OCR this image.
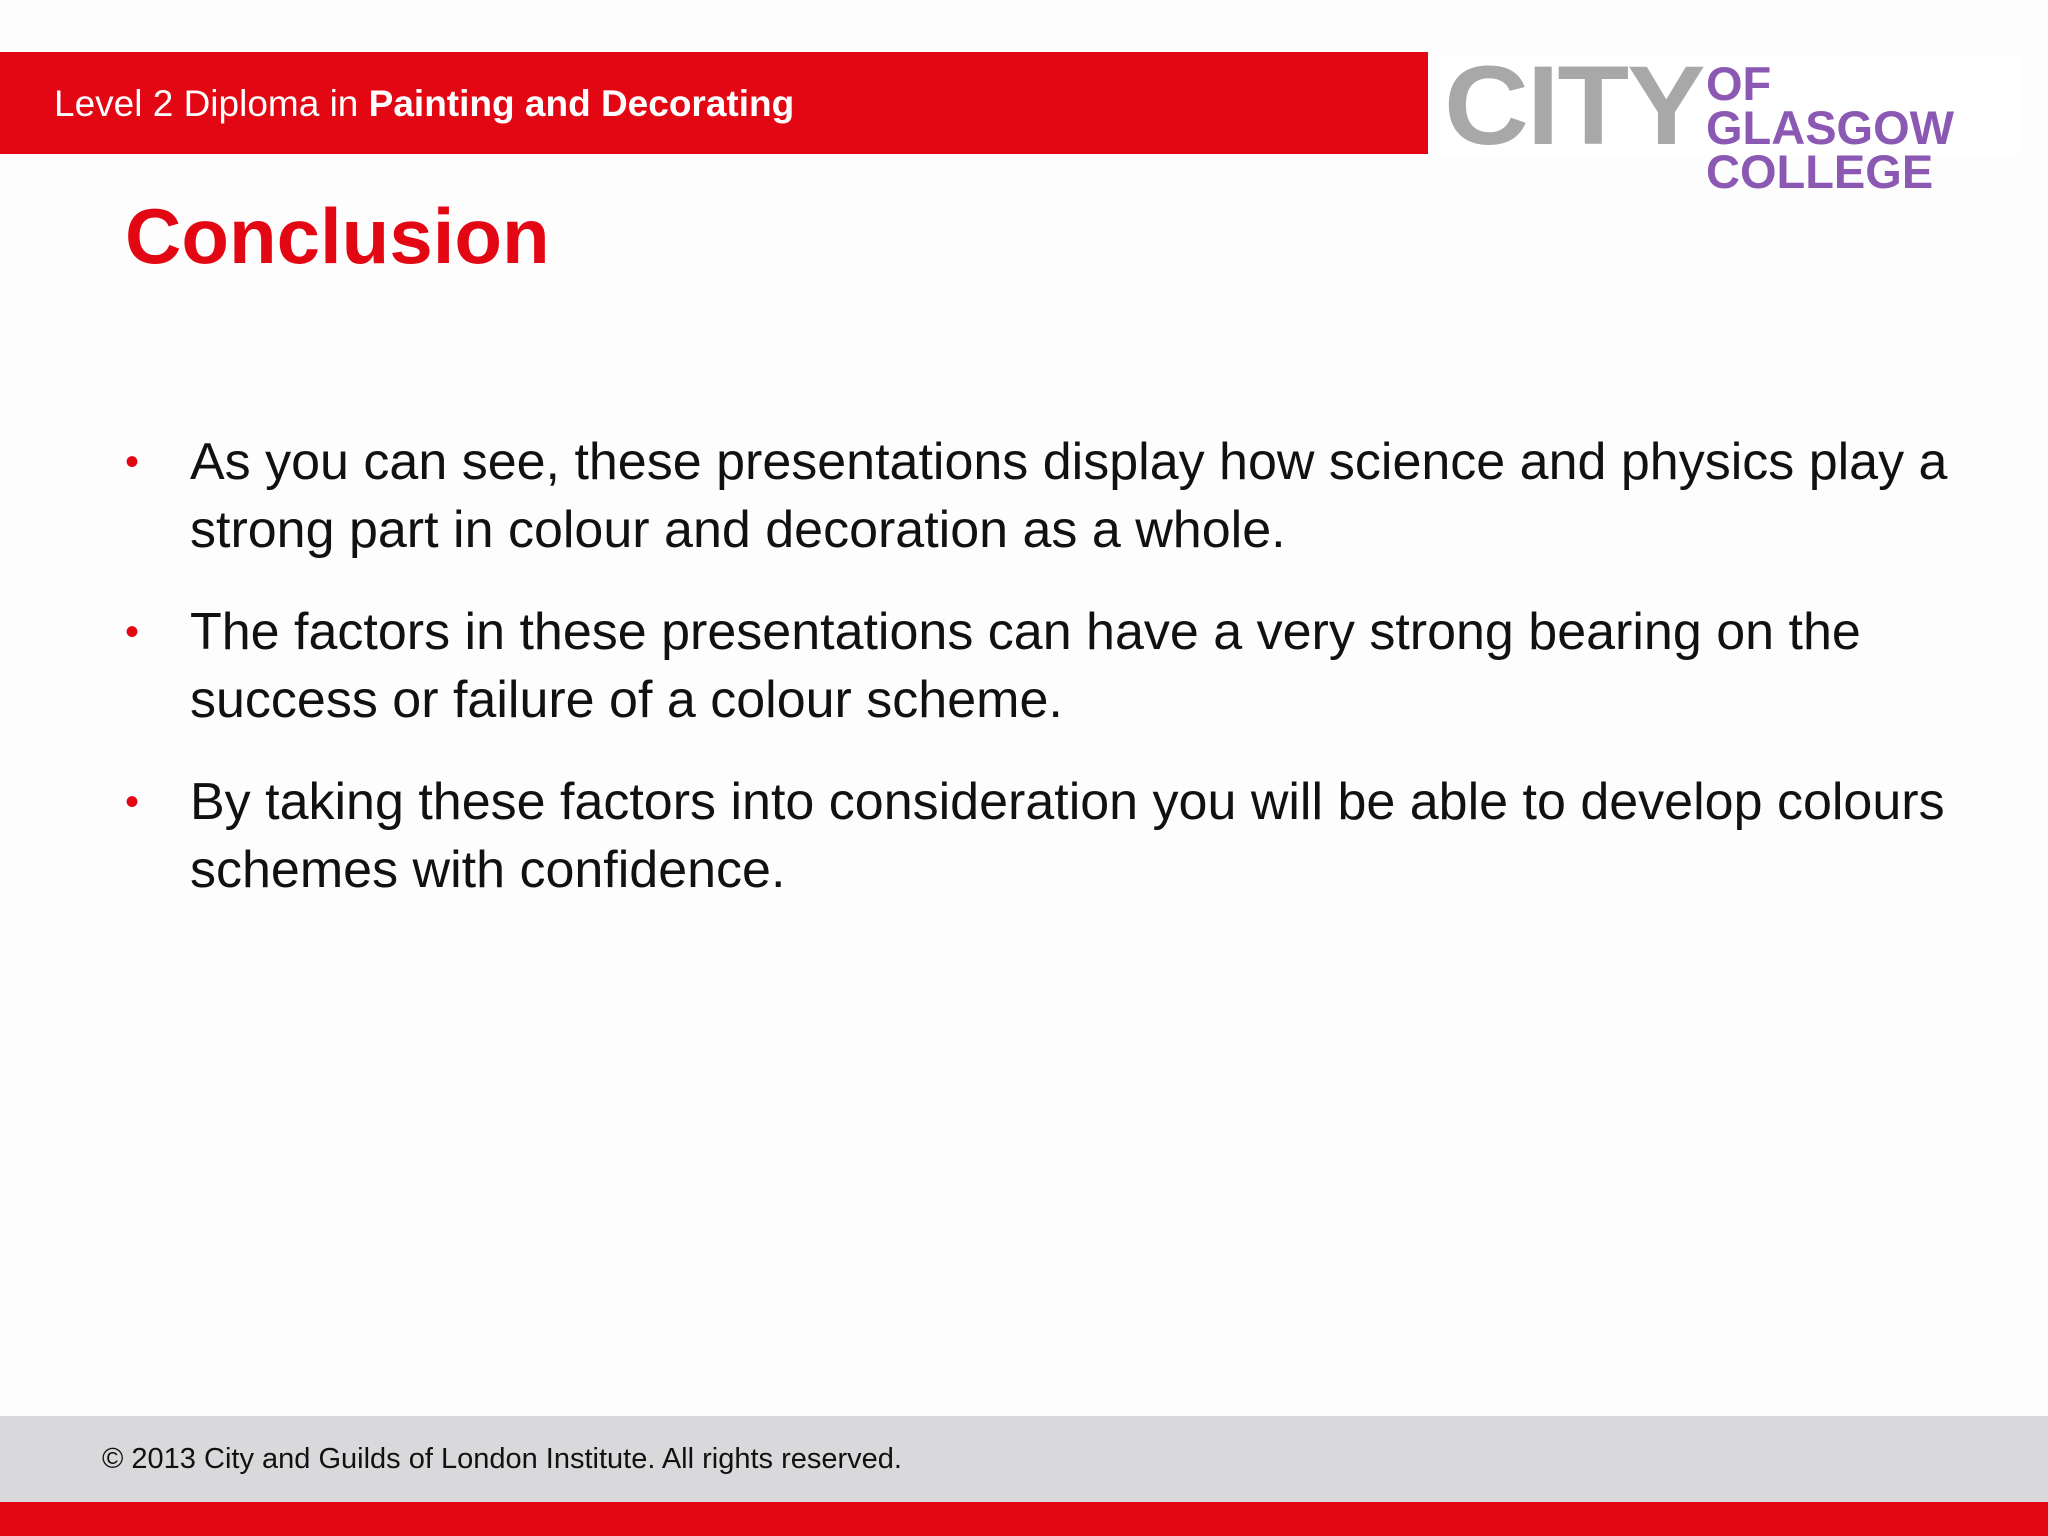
Level 2 Diploma in Painting and Decorating	CITY OF GLASGOW
COLLEGE
Conclusion
• As you can see, these presentations display how science and physics play a strong part in colour and decoration as a whole.
• The factors in these presentations can have a very strong bearing on the success or failure of a colour scheme.
• By taking these factors into consideration you will be able to develop colours schemes with confidence.
© 2013 City and Guilds of London Institute. All rights reserved.
